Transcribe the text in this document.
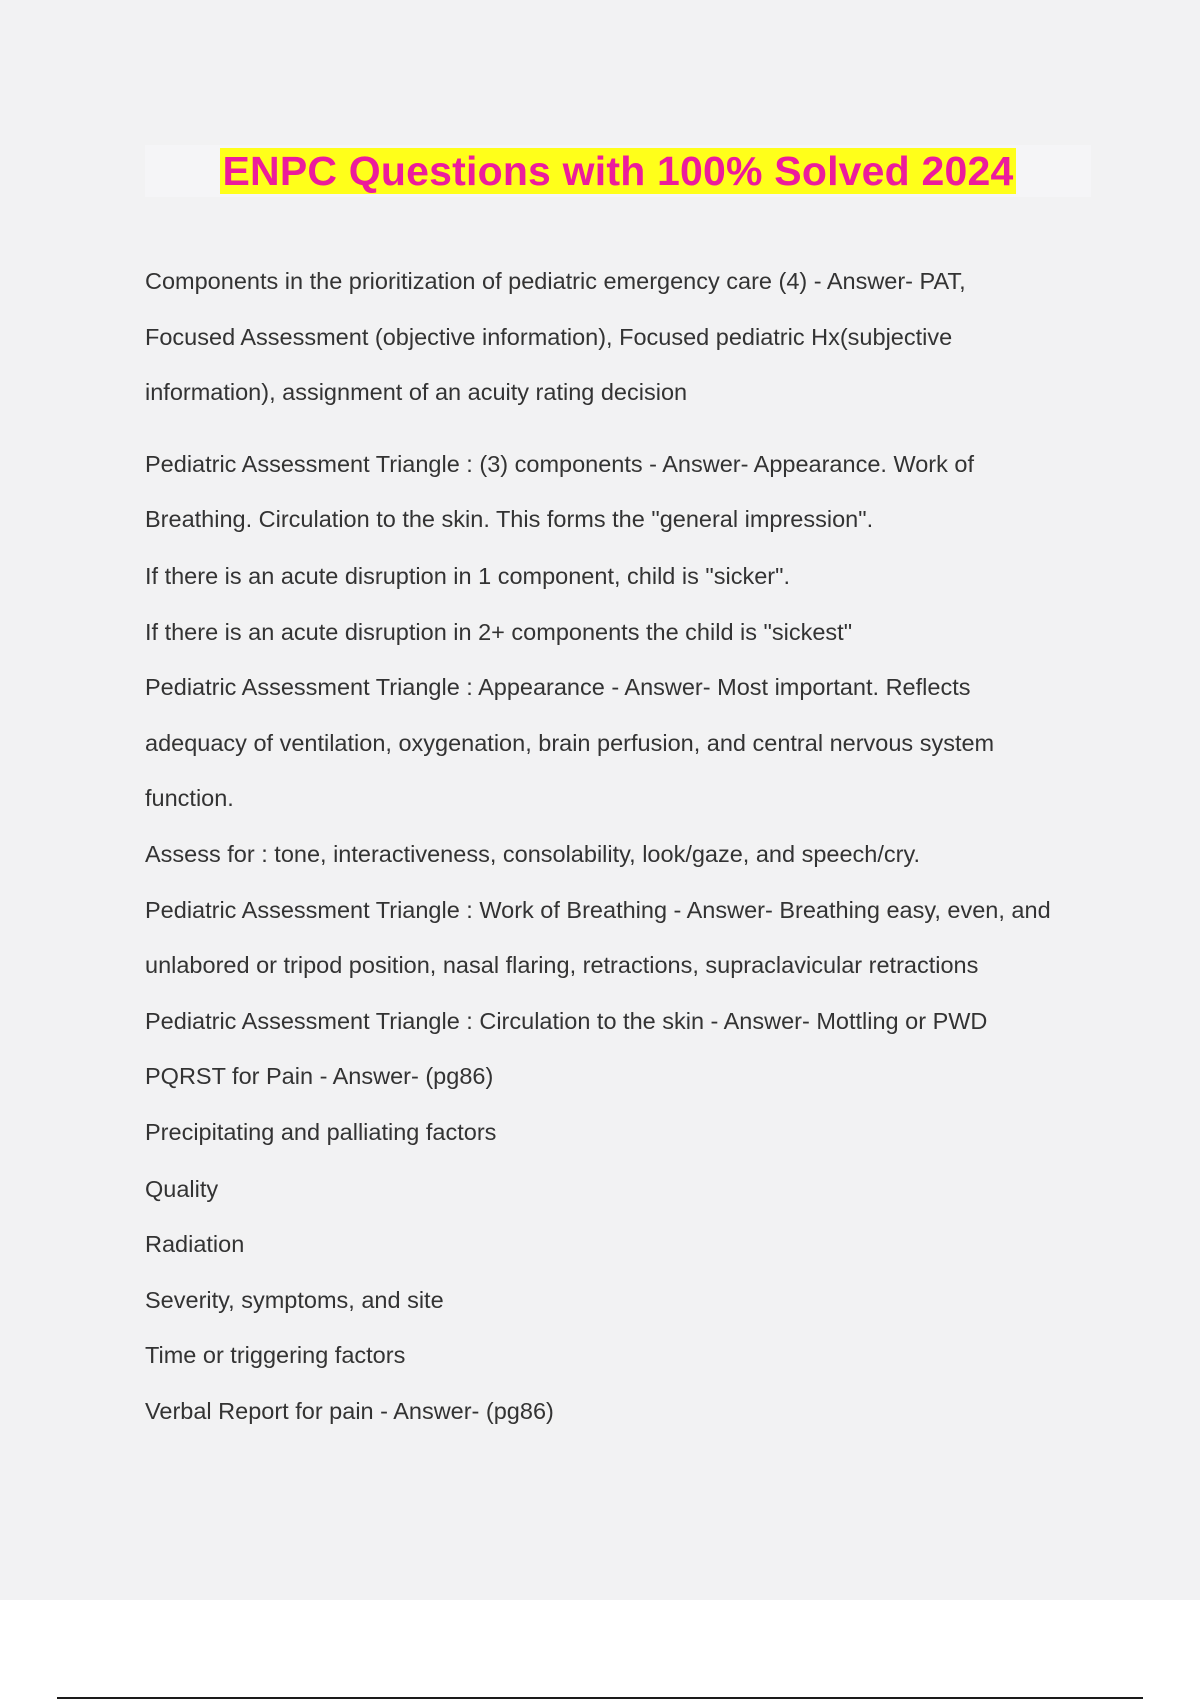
ENPC Questions with 100% Solved 2024
Components in the prioritization of pediatric emergency care (4) - Answer- PAT,
Focused Assessment (objective information), Focused pediatric Hx(subjective
information), assignment of an acuity rating decision
Pediatric Assessment Triangle : (3) components - Answer- Appearance. Work of
Breathing. Circulation to the skin. This forms the "general impression".
If there is an acute disruption in 1 component, child is "sicker".
If there is an acute disruption in 2+ components the child is "sickest"
Pediatric Assessment Triangle : Appearance - Answer- Most important. Reflects
adequacy of ventilation, oxygenation, brain perfusion, and central nervous system
function.
Assess for : tone, interactiveness, consolability, look/gaze, and speech/cry.
Pediatric Assessment Triangle : Work of Breathing - Answer- Breathing easy, even, and
unlabored or tripod position, nasal flaring, retractions, supraclavicular retractions
Pediatric Assessment Triangle : Circulation to the skin - Answer- Mottling or PWD
PQRST for Pain - Answer- (pg86)
Precipitating and palliating factors
Quality
Radiation
Severity, symptoms, and site
Time or triggering factors
Verbal Report for pain - Answer- (pg86)
